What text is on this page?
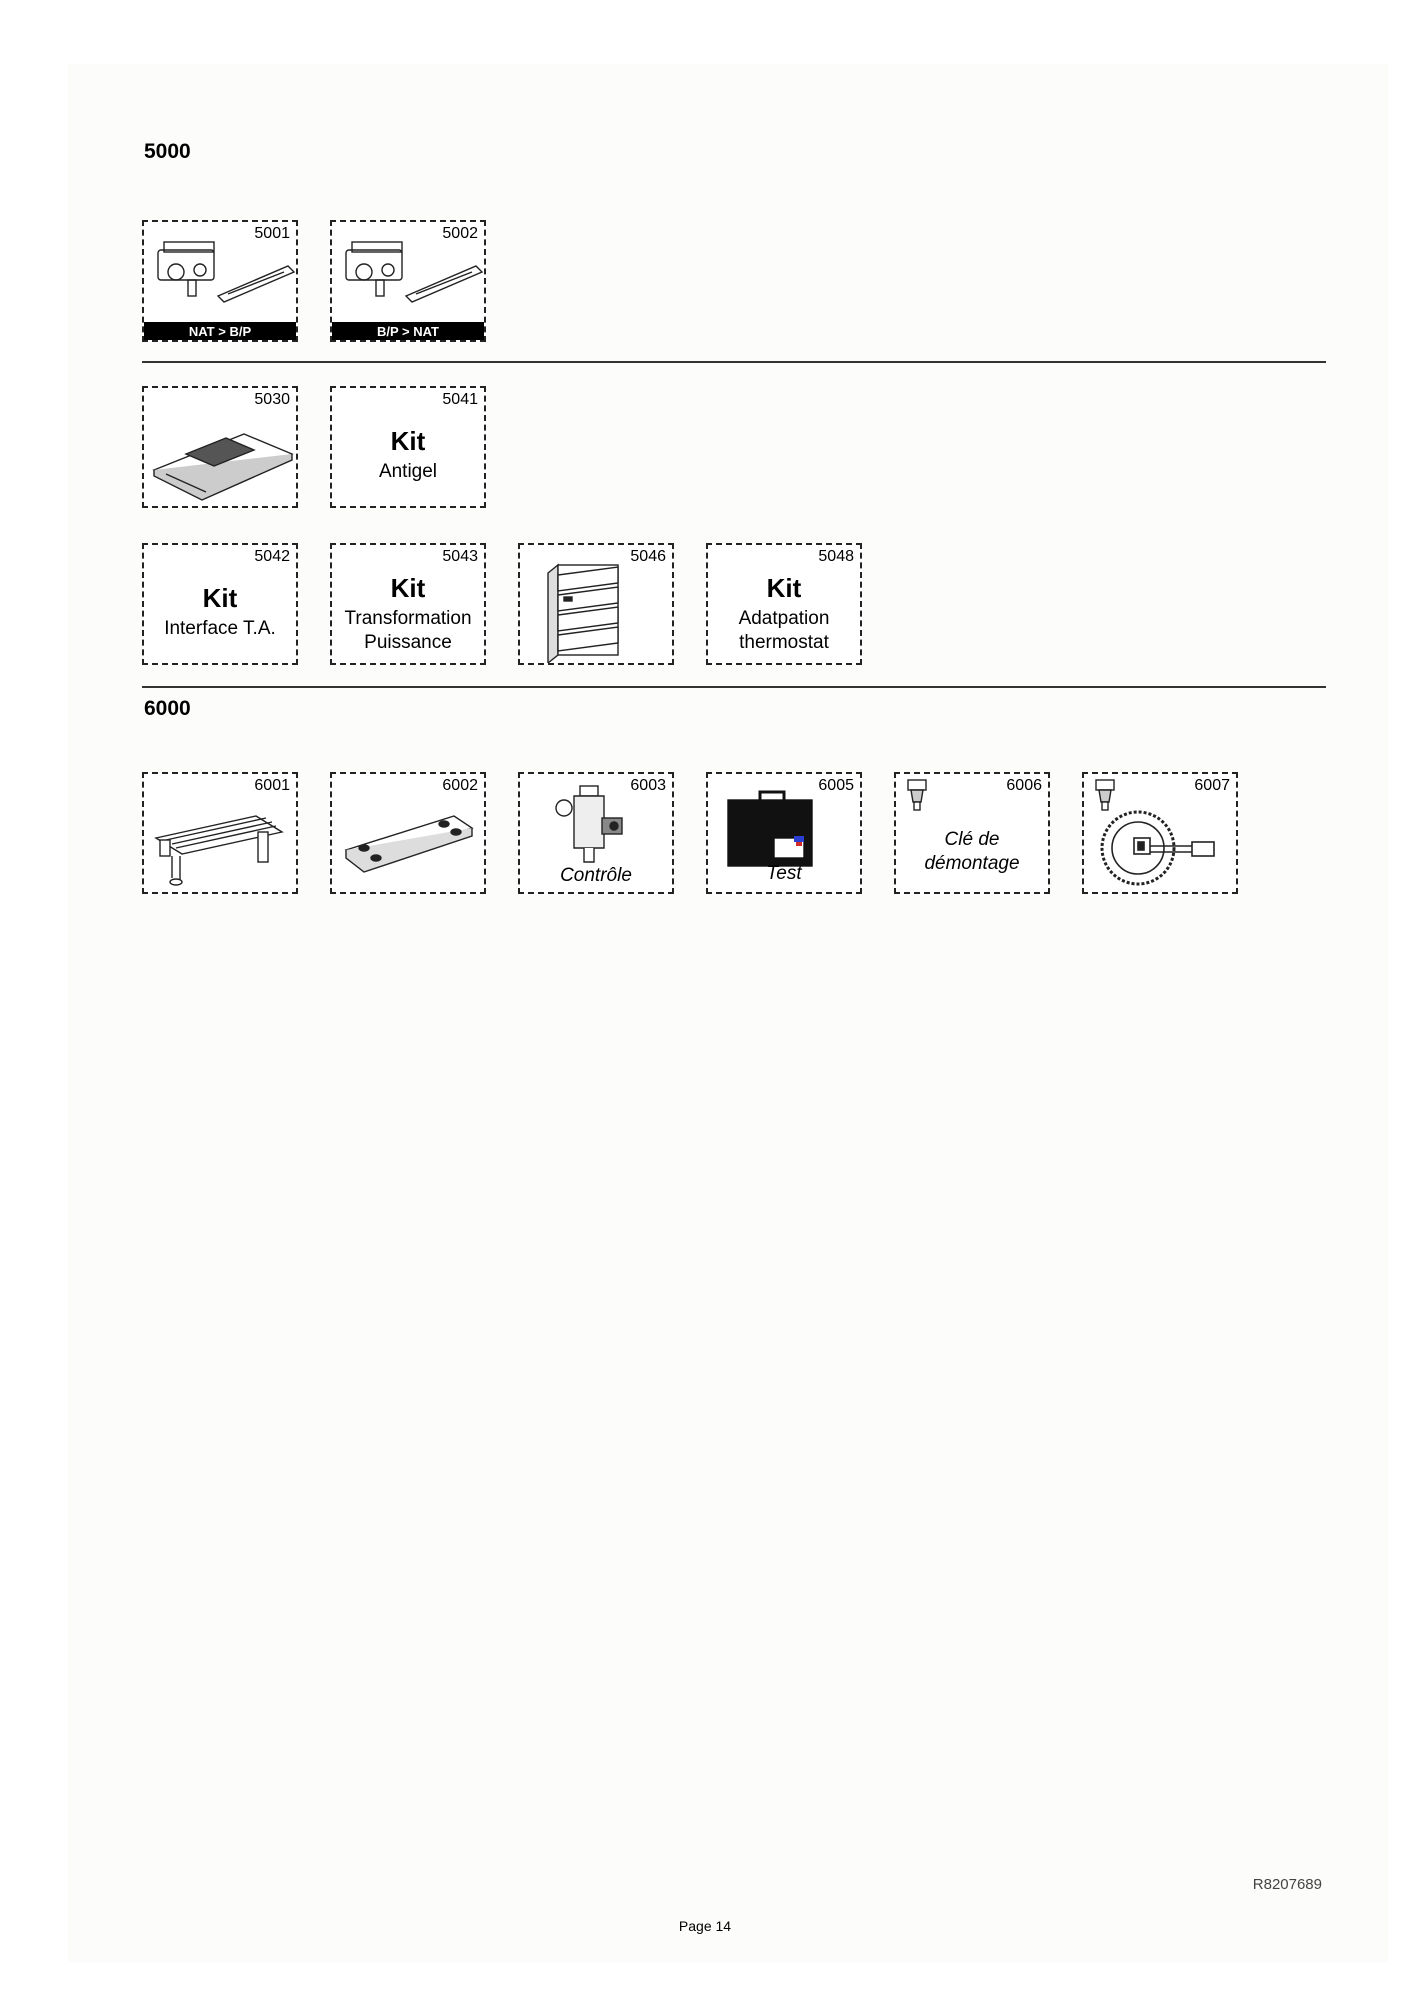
5000
5001
NAT > B/P
5002
B/P > NAT
5030	5041
Kit
Antigel
5042
Kit
Interface T.A.
5043
Kit
Transformation
Puissance
5046	5048
Kit
Adatpation
thermostat
6000
6001	6002	6003
Contrôle
6005
Test
6006
Clé de
démontage
6007
R8207689
Page 14
